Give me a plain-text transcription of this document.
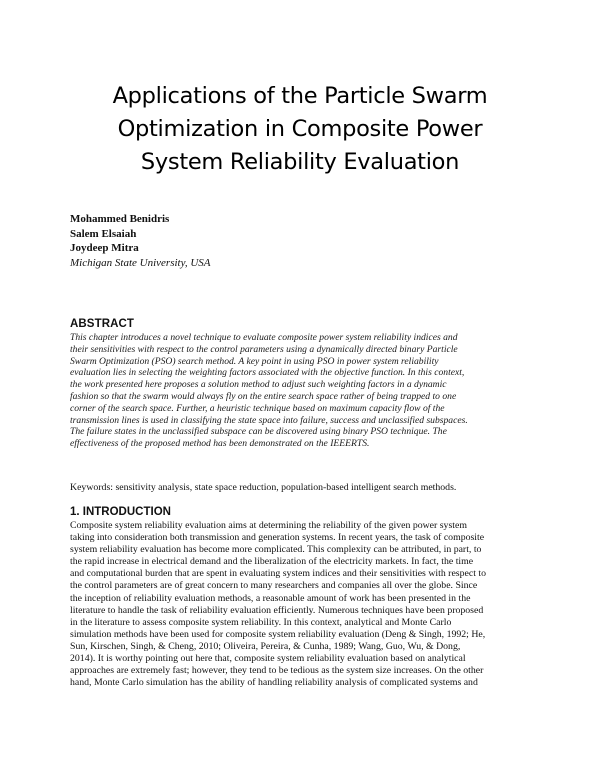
Applications of the Particle Swarm
Optimization in Composite Power
System Reliability Evaluation
Mohammed Benidris
Salem Elsaiah
Joydeep Mitra
Michigan State University, USA
ABSTRACT
This chapter introduces a novel technique to evaluate composite power system reliability indices and
their sensitivities with respect to the control parameters using a dynamically directed binary Particle
Swarm Optimization (PSO) search method. A key point in using PSO in power system reliability
evaluation lies in selecting the weighting factors associated with the objective function. In this context,
the work presented here proposes a solution method to adjust such weighting factors in a dynamic
fashion so that the swarm would always fly on the entire search space rather of being trapped to one
corner of the search space. Further, a heuristic technique based on maximum capacity flow of the
transmission lines is used in classifying the state space into failure, success and unclassified subspaces.
The failure states in the unclassified subspace can be discovered using binary PSO technique. The
effectiveness of the proposed method has been demonstrated on the IEEERTS.
Keywords: sensitivity analysis, state space reduction, population-based intelligent search methods.
1. INTRODUCTION
Composite system reliability evaluation aims at determining the reliability of the given power system
taking into consideration both transmission and generation systems. In recent years, the task of composite
system reliability evaluation has become more complicated. This complexity can be attributed, in part, to
the rapid increase in electrical demand and the liberalization of the electricity markets. In fact, the time
and computational burden that are spent in evaluating system indices and their sensitivities with respect to
the control parameters are of great concern to many researchers and companies all over the globe. Since
the inception of reliability evaluation methods, a reasonable amount of work has been presented in the
literature to handle the task of reliability evaluation efficiently. Numerous techniques have been proposed
in the literature to assess composite system reliability. In this context, analytical and Monte Carlo
simulation methods have been used for composite system reliability evaluation (Deng & Singh, 1992; He,
Sun, Kirschen, Singh, & Cheng, 2010; Oliveira, Pereira, & Cunha, 1989; Wang, Guo, Wu, & Dong,
2014). It is worthy pointing out here that, composite system reliability evaluation based on analytical
approaches are extremely fast; however, they tend to be tedious as the system size increases. On the other
hand, Monte Carlo simulation has the ability of handling reliability analysis of complicated systems and
